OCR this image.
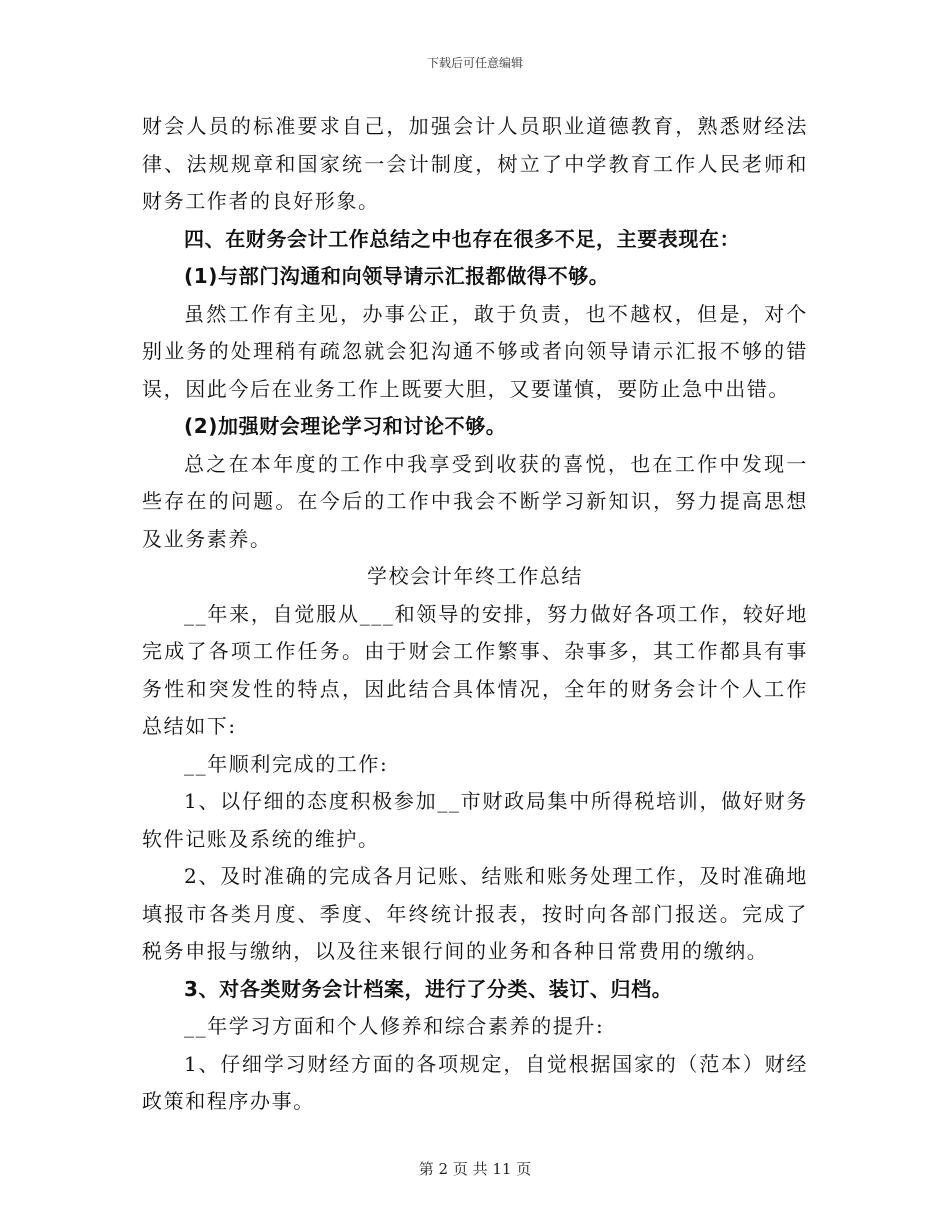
下载后可任意编辑

财会人员的标准要求自己，加强会计人员职业道德教育，熟悉财经法律、法规规章和国家统一会计制度，树立了中学教育工作人民老师和财务工作者的良好形象。

四、在财务会计工作总结之中也存在很多不足，主要表现在：

(1)与部门沟通和向领导请示汇报都做得不够。

虽然工作有主见，办事公正，敢于负责，也不越权，但是，对个别业务的处理稍有疏忽就会犯沟通不够或者向领导请示汇报不够的错误，因此今后在业务工作上既要大胆，又要谨慎，要防止急中出错。

(2)加强财会理论学习和讨论不够。

总之在本年度的工作中我享受到收获的喜悦，也在工作中发现一些存在的问题。在今后的工作中我会不断学习新知识，努力提高思想及业务素养。

学校会计年终工作总结

__年来，自觉服从___和领导的安排，努力做好各项工作，较好地完成了各项工作任务。由于财会工作繁事、杂事多，其工作都具有事务性和突发性的特点，因此结合具体情况，全年的财务会计个人工作总结如下:

__年顺利完成的工作:

1、以仔细的态度积极参加__市财政局集中所得税培训，做好财务软件记账及系统的维护。

2、及时准确的完成各月记账、结账和账务处理工作，及时准确地填报市各类月度、季度、年终统计报表，按时向各部门报送。完成了税务申报与缴纳，以及往来银行间的业务和各种日常费用的缴纳。

3、对各类财务会计档案，进行了分类、装订、归档。

__年学习方面和个人修养和综合素养的提升:

1、仔细学习财经方面的各项规定，自觉根据国家的（范本）财经政策和程序办事。

第 2 页 共 11 页
